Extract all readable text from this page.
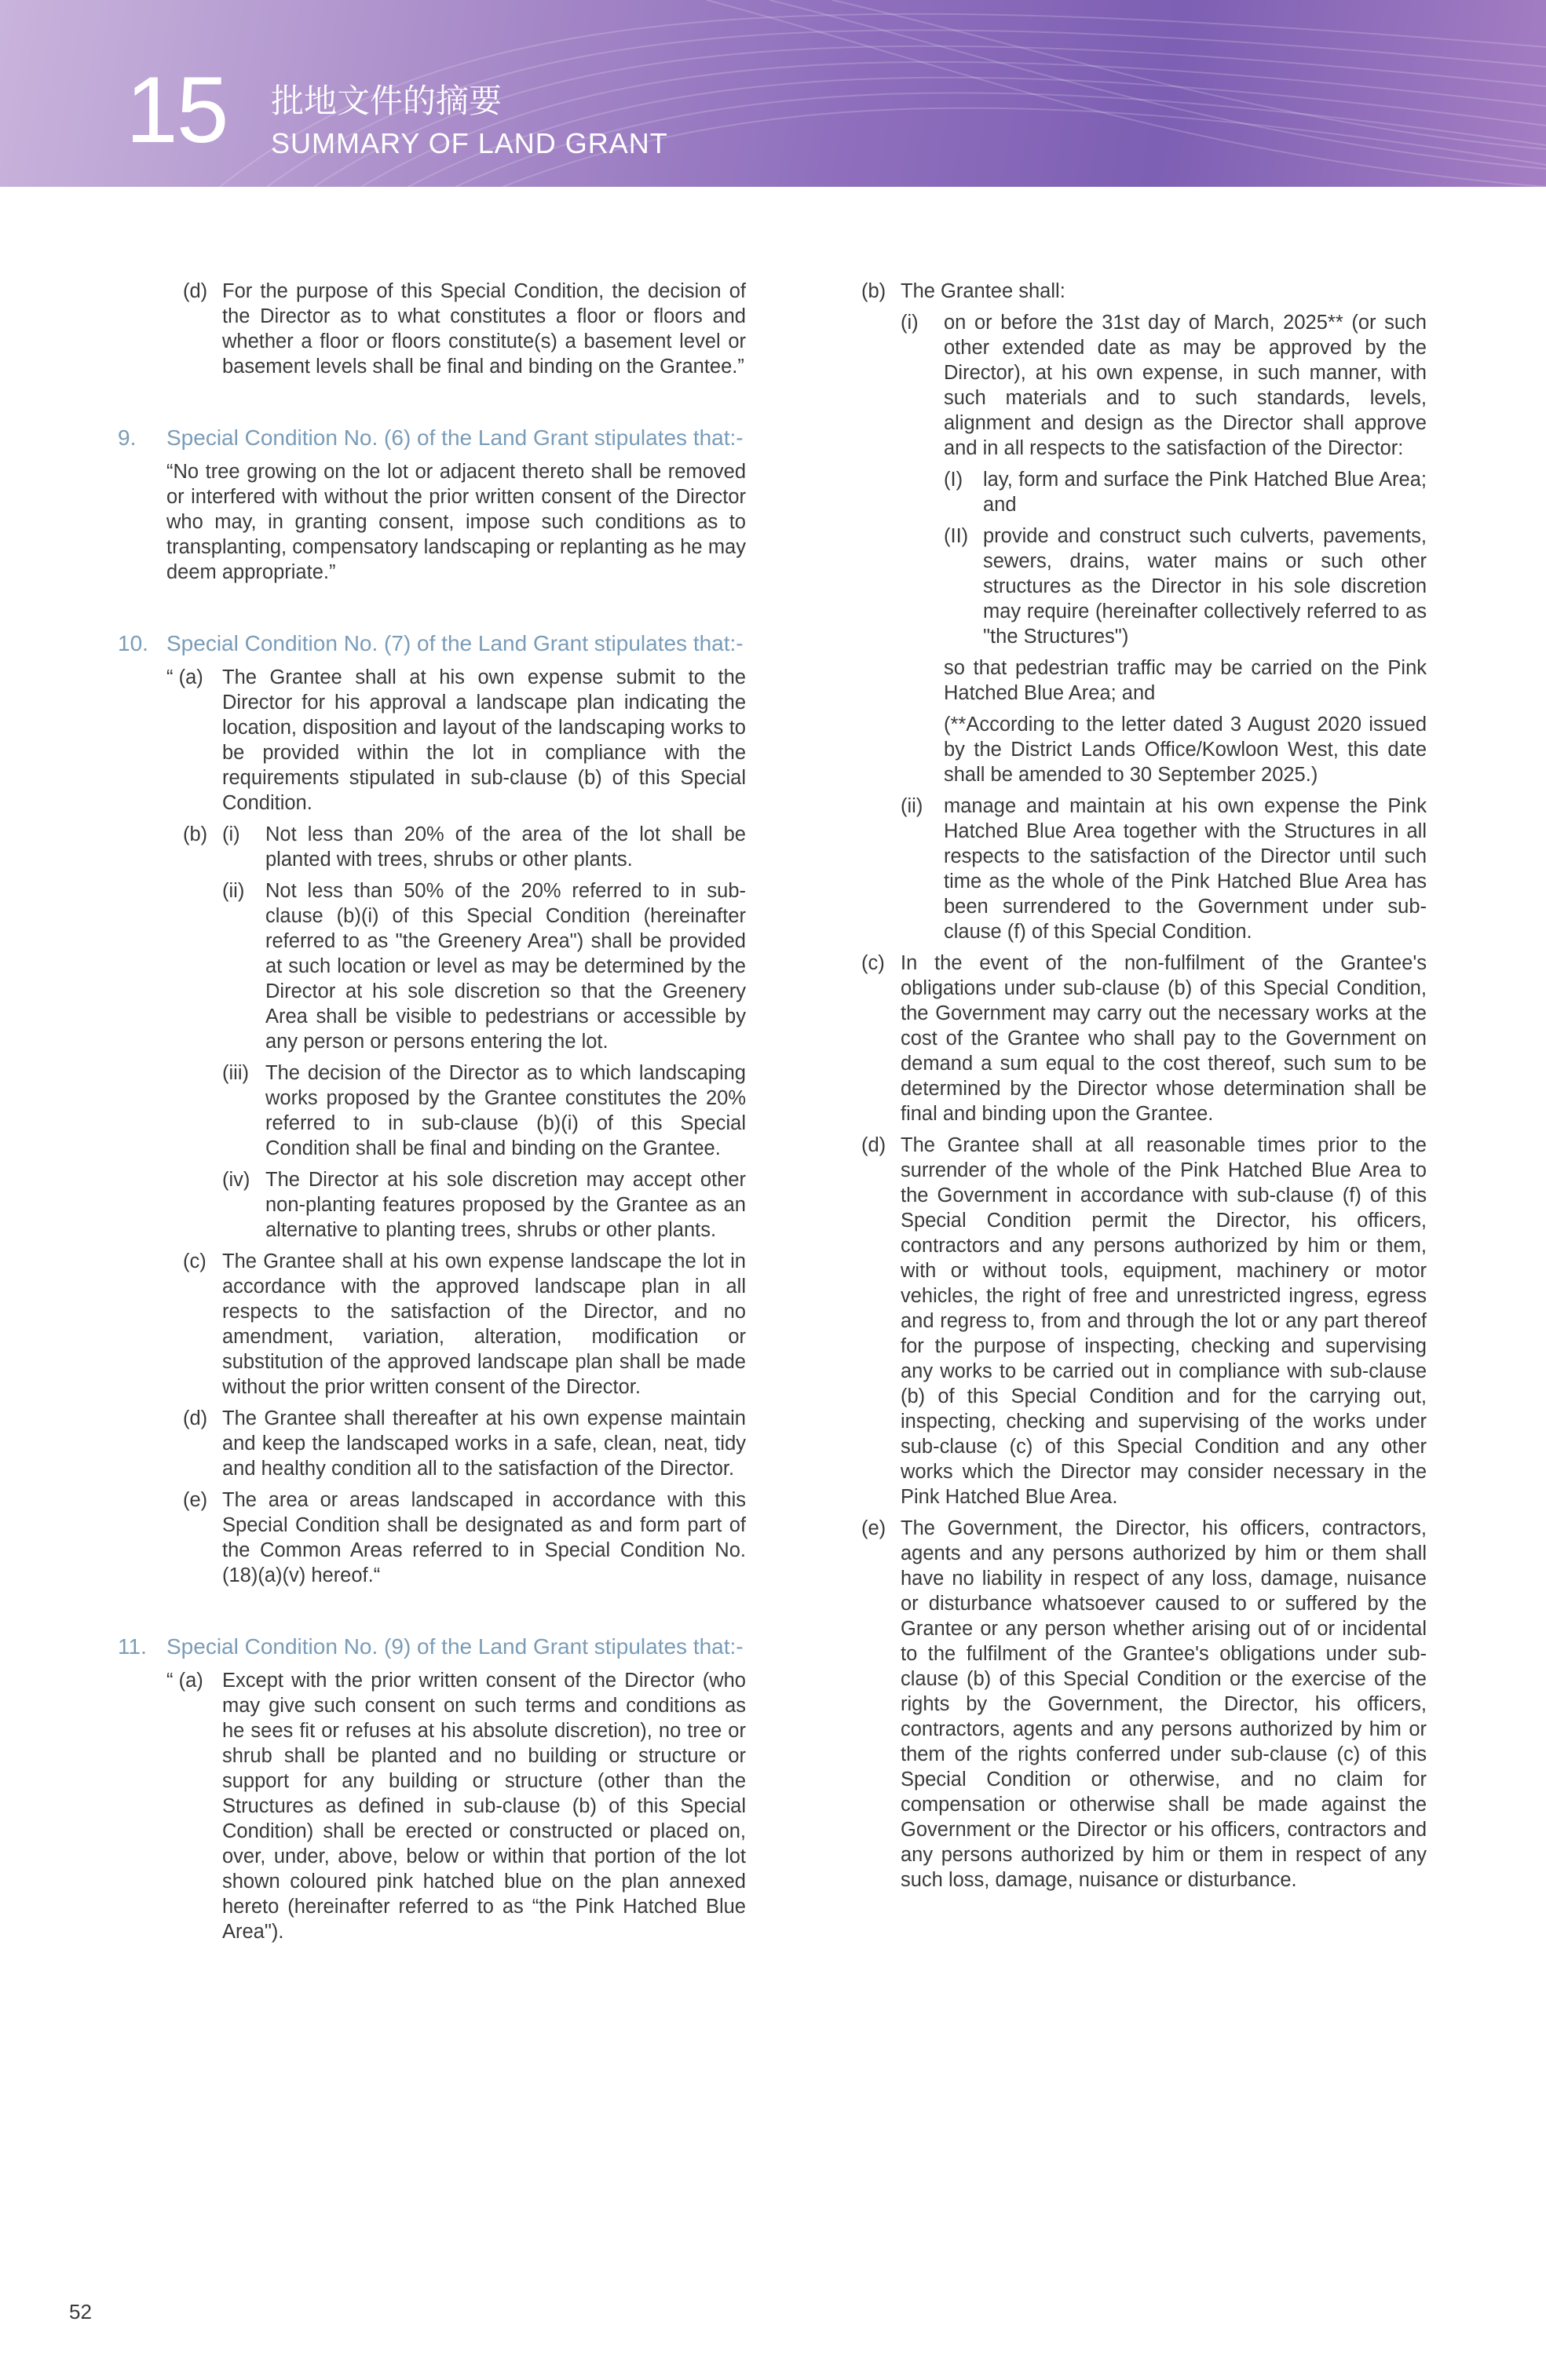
15 批地文件的摘要
SUMMARY OF LAND GRANT
(d) For the purpose of this Special Condition, the decision of the Director as to what constitutes a floor or floors and whether a floor or floors constitute(s) a basement level or basement levels shall be final and binding on the Grantee.”
9. Special Condition No. (6) of the Land Grant stipulates that:-
“No tree growing on the lot or adjacent thereto shall be removed or interfered with without the prior written consent of the Director who may, in granting consent, impose such conditions as to transplanting, compensatory landscaping or replanting as he may deem appropriate.”
10. Special Condition No. (7) of the Land Grant stipulates that:-
“ (a) The Grantee shall at his own expense submit to the Director for his approval a landscape plan indicating the location, disposition and layout of the landscaping works to be provided within the lot in compliance with the requirements stipulated in sub-clause (b) of this Special Condition.
(b) (i) Not less than 20% of the area of the lot shall be planted with trees, shrubs or other plants.
(ii) Not less than 50% of the 20% referred to in sub-clause (b)(i) of this Special Condition (hereinafter referred to as "the Greenery Area") shall be provided at such location or level as may be determined by the Director at his sole discretion so that the Greenery Area shall be visible to pedestrians or accessible by any person or persons entering the lot.
(iii) The decision of the Director as to which landscaping works proposed by the Grantee constitutes the 20% referred to in sub-clause (b)(i) of this Special Condition shall be final and binding on the Grantee.
(iv) The Director at his sole discretion may accept other non-planting features proposed by the Grantee as an alternative to planting trees, shrubs or other plants.
(c) The Grantee shall at his own expense landscape the lot in accordance with the approved landscape plan in all respects to the satisfaction of the Director, and no amendment, variation, alteration, modification or substitution of the approved landscape plan shall be made without the prior written consent of the Director.
(d) The Grantee shall thereafter at his own expense maintain and keep the landscaped works in a safe, clean, neat, tidy and healthy condition all to the satisfaction of the Director.
(e) The area or areas landscaped in accordance with this Special Condition shall be designated as and form part of the Common Areas referred to in Special Condition No. (18)(a)(v) hereof.“
11. Special Condition No. (9) of the Land Grant stipulates that:-
“ (a) Except with the prior written consent of the Director (who may give such consent on such terms and conditions as he sees fit or refuses at his absolute discretion), no tree or shrub shall be planted and no building or structure or support for any building or structure (other than the Structures as defined in sub-clause (b) of this Special Condition) shall be erected or constructed or placed on, over, under, above, below or within that portion of the lot shown coloured pink hatched blue on the plan annexed hereto (hereinafter referred to as “the Pink Hatched Blue Area").
(b) The Grantee shall:
(i) on or before the 31st day of March, 2025** (or such other extended date as may be approved by the Director), at his own expense, in such manner, with such materials and to such standards, levels, alignment and design as the Director shall approve and in all respects to the satisfaction of the Director:
(I) lay, form and surface the Pink Hatched Blue Area; and
(II) provide and construct such culverts, pavements, sewers, drains, water mains or such other structures as the Director in his sole discretion may require (hereinafter collectively referred to as "the Structures")
so that pedestrian traffic may be carried on the Pink Hatched Blue Area; and
(**According to the letter dated 3 August 2020 issued by the District Lands Office/Kowloon West, this date shall be amended to 30 September 2025.)
(ii) manage and maintain at his own expense the Pink Hatched Blue Area together with the Structures in all respects to the satisfaction of the Director until such time as the whole of the Pink Hatched Blue Area has been surrendered to the Government under sub-clause (f) of this Special Condition.
(c) In the event of the non-fulfilment of the Grantee's obligations under sub-clause (b) of this Special Condition, the Government may carry out the necessary works at the cost of the Grantee who shall pay to the Government on demand a sum equal to the cost thereof, such sum to be determined by the Director whose determination shall be final and binding upon the Grantee.
(d) The Grantee shall at all reasonable times prior to the surrender of the whole of the Pink Hatched Blue Area to the Government in accordance with sub-clause (f) of this Special Condition permit the Director, his officers, contractors and any persons authorized by him or them, with or without tools, equipment, machinery or motor vehicles, the right of free and unrestricted ingress, egress and regress to, from and through the lot or any part thereof for the purpose of inspecting, checking and supervising any works to be carried out in compliance with sub-clause (b) of this Special Condition and for the carrying out, inspecting, checking and supervising of the works under sub-clause (c) of this Special Condition and any other works which the Director may consider necessary in the Pink Hatched Blue Area.
(e) The Government, the Director, his officers, contractors, agents and any persons authorized by him or them shall have no liability in respect of any loss, damage, nuisance or disturbance whatsoever caused to or suffered by the Grantee or any person whether arising out of or incidental to the fulfilment of the Grantee's obligations under sub-clause (b) of this Special Condition or the exercise of the rights by the Government, the Director, his officers, contractors, agents and any persons authorized by him or them of the rights conferred under sub-clause (c) of this Special Condition or otherwise, and no claim for compensation or otherwise shall be made against the Government or the Director or his officers, contractors and any persons authorized by him or them in respect of any such loss, damage, nuisance or disturbance.
52
